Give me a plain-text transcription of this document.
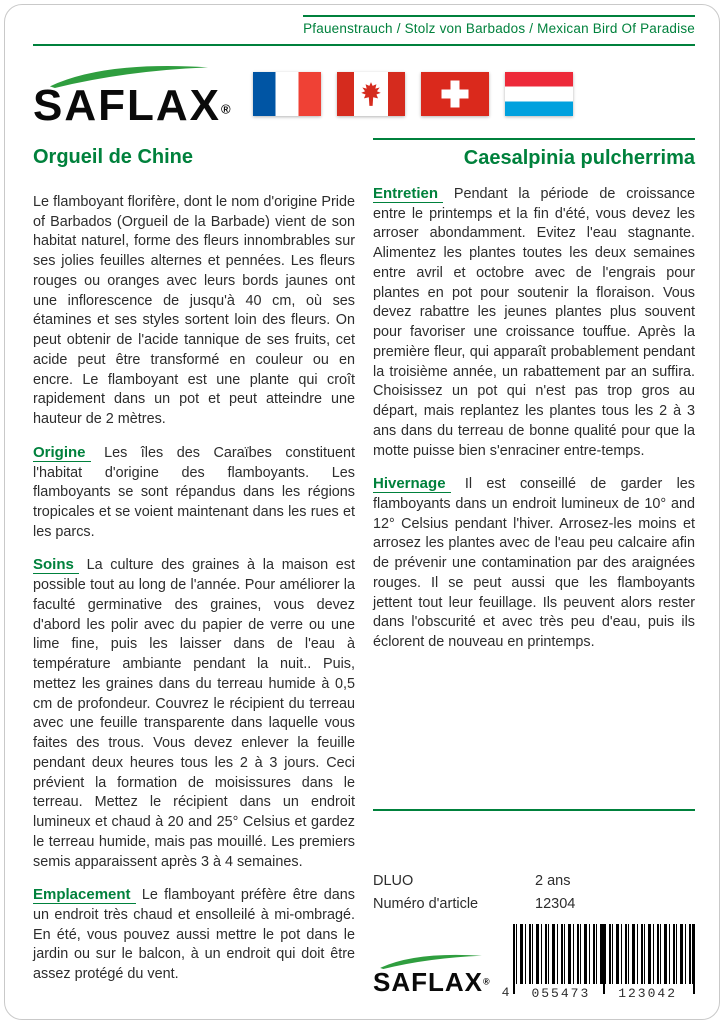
Pfauenstrauch / Stolz von Barbados / Mexican Bird Of Paradise
SAFLAX®
Orgueil de Chine

Le flamboyant florifère, dont le nom d'origine Pride of Barbados (Orgueil de la Barbade) vient de son habitat naturel, forme des fleurs innombrables sur ses jolies feuilles alternes et pennées. Les fleurs rouges ou oranges avec leurs bords jaunes ont une inflorescence de jusqu'à 40 cm, où ses étamines et ses styles sortent loin des fleurs. On peut obtenir de l'acide tannique de ses fruits, cet acide peut être transformé en couleur ou en encre. Le flamboyant est une plante qui croît rapidement dans un pot et peut atteindre une hauteur de 2 mètres.

Origine Les îles des Caraïbes constituent l'habitat d'origine des flamboyants. Les flamboyants se sont répandus dans les régions tropicales et se voient maintenant dans les rues et les parcs.

Soins La culture des graines à la maison est possible tout au long de l'année. Pour améliorer la faculté germinative des graines, vous devez d'abord les polir avec du papier de verre ou une lime fine, puis les laisser dans de l'eau à température ambiante pendant la nuit.. Puis, mettez les graines dans du terreau humide à 0,5 cm de profondeur. Couvrez le récipient du terreau avec une feuille transparente dans laquelle vous faites des trous. Vous devez enlever la feuille pendant deux heures tous les 2 à 3 jours. Ceci prévient la formation de moisissures dans le terreau. Mettez le récipient dans un endroit lumineux et chaud à 20 and 25° Celsius et gardez le terreau humide, mais pas mouillé. Les premiers semis apparaissent après 3 à 4 semaines.

Emplacement Le flamboyant préfère être dans un endroit très chaud et ensolleilé à mi-ombragé. En été, vous pouvez aussi mettre le pot dans le jardin ou sur le balcon, à un endroit qui doit être assez protégé du vent.

Caesalpinia pulcherrima

Entretien Pendant la période de croissance entre le printemps et la fin d'été, vous devez les arroser abondamment. Evitez l'eau stagnante. Alimentez les plantes toutes les deux semaines entre avril et octobre avec de l'engrais pour plantes en pot pour soutenir la floraison. Vous devez rabattre les jeunes plantes plus souvent pour favoriser une croissance touffue. Après la première fleur, qui apparaît probablement pendant la troisième année, un rabattement par an suffira. Choisissez un pot qui n'est pas trop gros au départ, mais replantez les plantes tous les 2 à 3 ans dans du terreau de bonne qualité pour que la motte puisse bien s'enraciner entre-temps.

Hivernage Il est conseillé de garder les flamboyants dans un endroit lumineux de 10° and 12° Celsius pendant l'hiver. Arrosez-les moins et arrosez les plantes avec de l'eau peu calcaire afin de prévenir une contamination par des araignées rouges. Il se peut aussi que les flamboyants jettent tout leur feuillage. Ils peuvent alors rester dans l'obscurité et avec très peu d'eau, puis ils éclorent de nouveau en printemps.

DLUO	2 ans
Numéro d'article	12304
SAFLAX®
4 055473 123042
